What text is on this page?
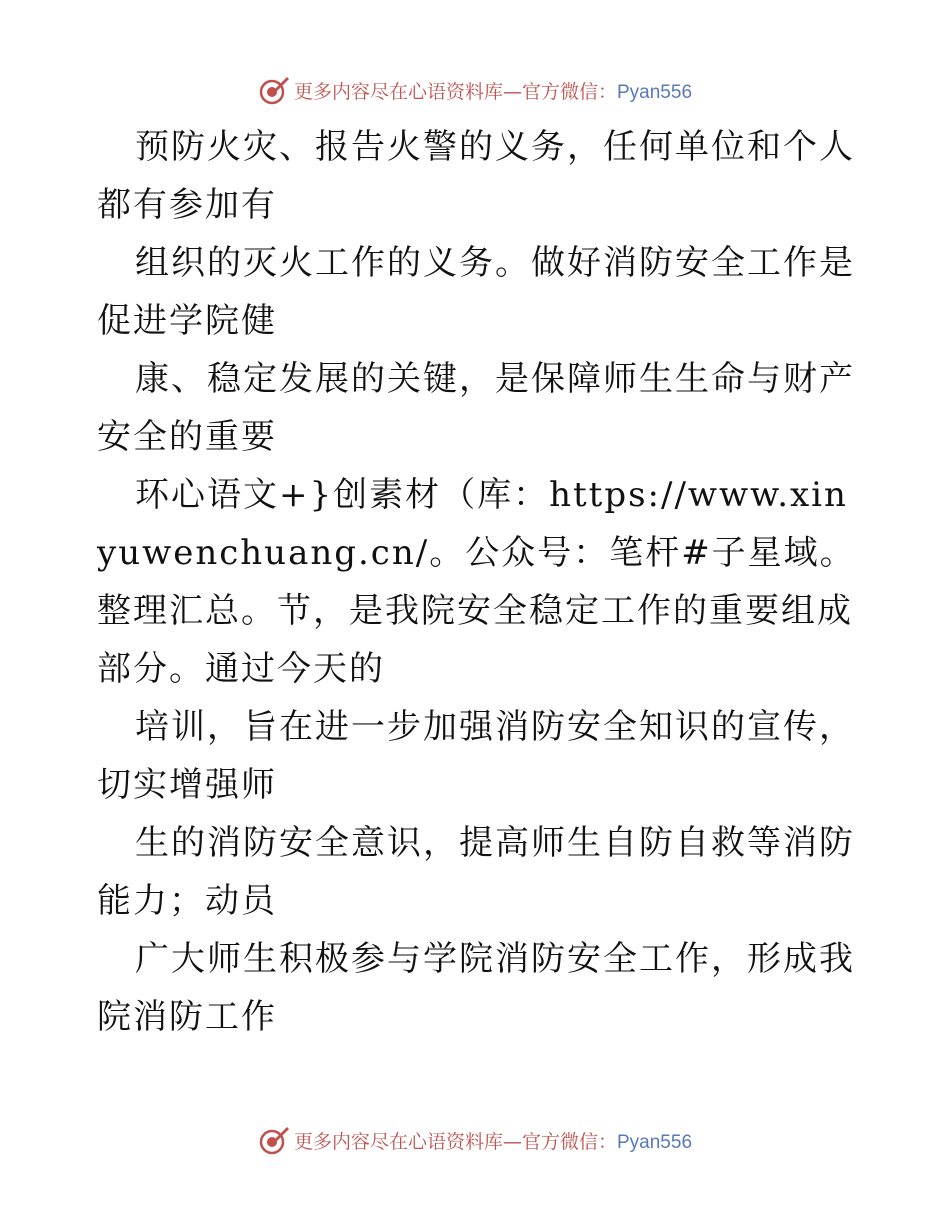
更多内容尽在心语资料库—官方微信：Pyan556

预防火灾、报告火警的义务，任何单位和个人都有参加有

组织的灭火工作的义务。做好消防安全工作是促进学院健

康、稳定发展的关键，是保障师生生命与财产安全的重要

环心语文+}创素材（库：https://www.xinyuwenchuang.cn/。公众号：笔杆#子星域。整理汇总。节，是我院安全稳定工作的重要组成部分。通过今天的

培训，旨在进一步加强消防安全知识的宣传，切实增强师

生的消防安全意识，提高师生自防自救等消防能力；动员

广大师生积极参与学院消防安全工作，形成我院消防工作

更多内容尽在心语资料库—官方微信：Pyan556
